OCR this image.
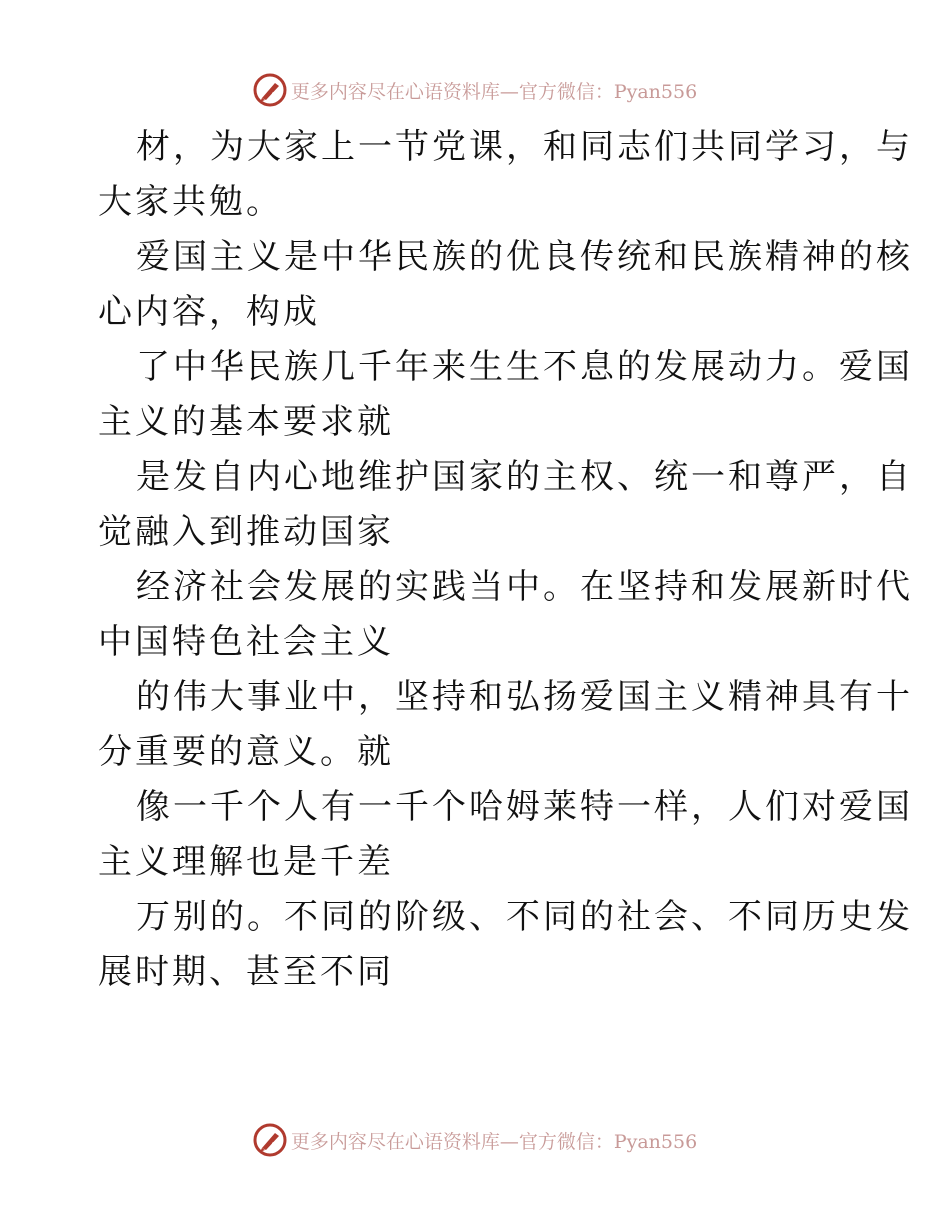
更多内容尽在心语资料库—官方微信：Pyan556

材，为大家上一节党课，和同志们共同学习，与
大家共勉。

爱国主义是中华民族的优良传统和民族精神的核
心内容，构成

了中华民族几千年来生生不息的发展动力。爱国
主义的基本要求就

是发自内心地维护国家的主权、统一和尊严，自
觉融入到推动国家

经济社会发展的实践当中。在坚持和发展新时代
中国特色社会主义

的伟大事业中，坚持和弘扬爱国主义精神具有十
分重要的意义。就

像一千个人有一千个哈姆莱特一样，人们对爱国
主义理解也是千差

万别的。不同的阶级、不同的社会、不同历史发
展时期、甚至不同

更多内容尽在心语资料库—官方微信：Pyan556
